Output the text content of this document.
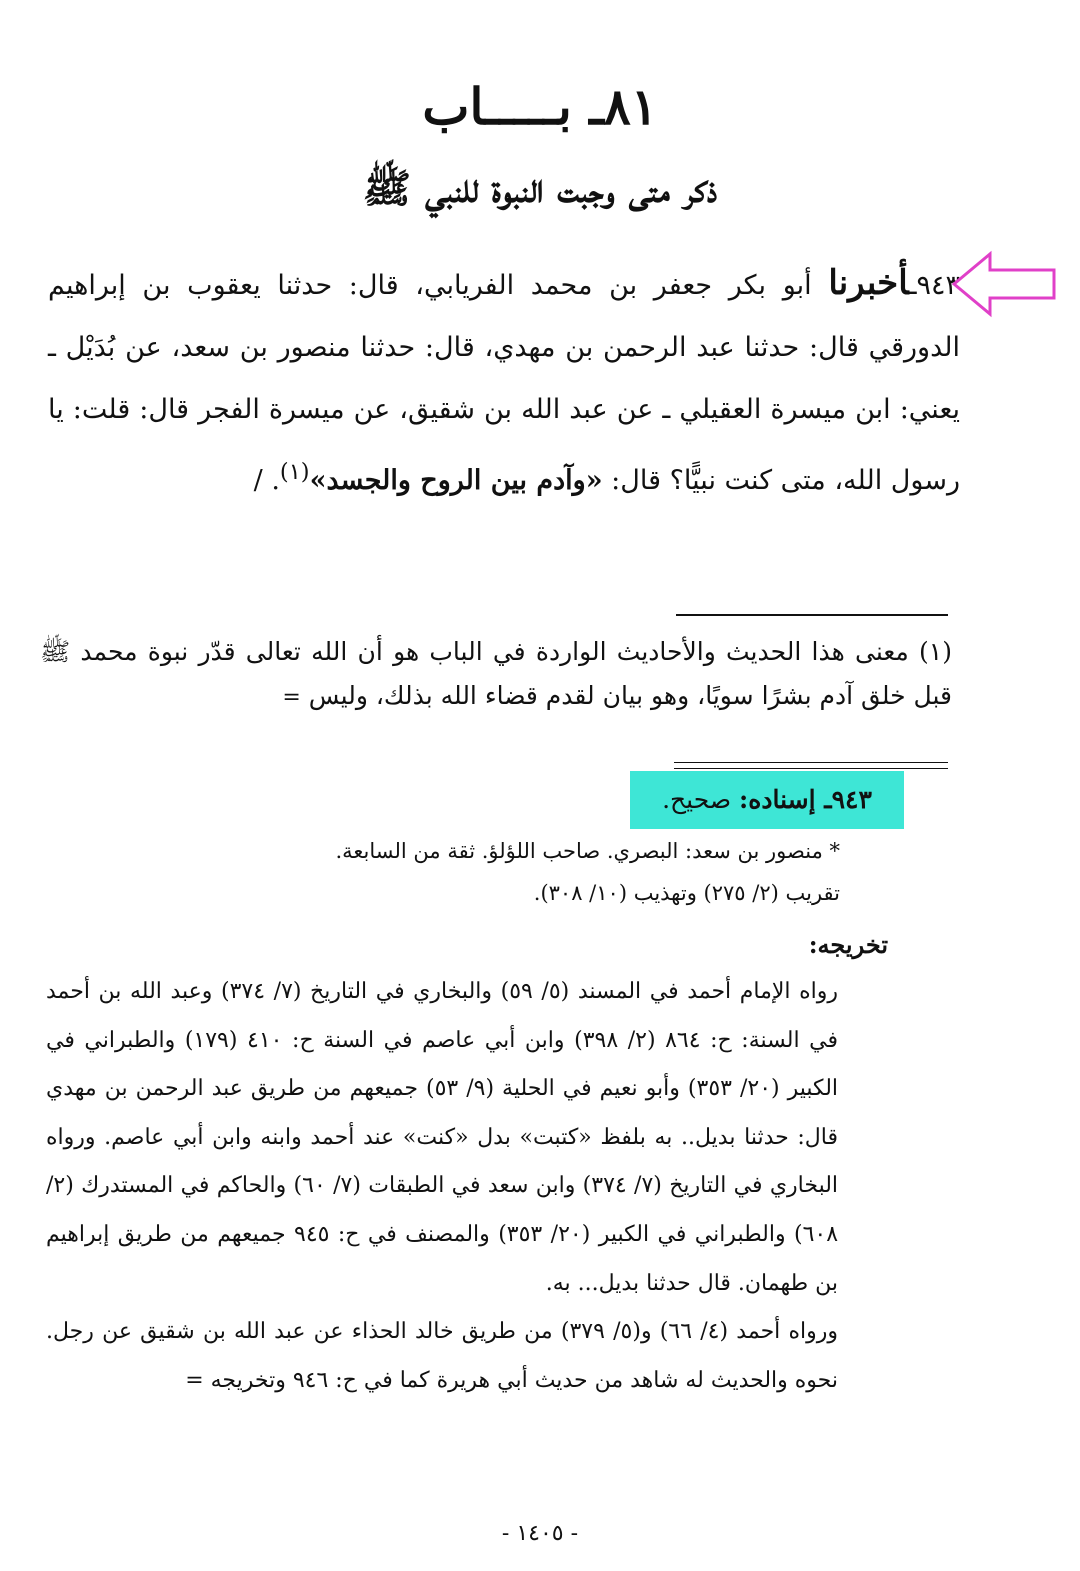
٨١ـ بـــــاب
ذكر متى وجبت النبوة للنبي ﷺ
٩٤٣ـأخبرنا أبو بكر جعفر بن محمد الفريابي، قال: حدثنا يعقوب بن إبراهيم الدورقي قال: حدثنا عبد الرحمن بن مهدي، قال: حدثنا منصور بن سعد، عن بُدَيْل ـ يعني: ابن ميسرة العقيلي ـ عن عبد الله بن شقيق، عن ميسرة الفجر قال: قلت: يا رسول الله، متى كنت نبيًّا؟ قال: «وآدم بين الروح والجسد»$^{(١)}$. /
(١) معنى هذا الحديث والأحاديث الواردة في الباب هو أن الله تعالى قدّر نبوة محمد ﷺ قبل خلق آدم بشرًا سويًا، وهو بيان لقدم قضاء الله بذلك، وليس =
٩٤٣ـ إسناده: صحيح.
* منصور بن سعد: البصري. صاحب اللؤلؤ. ثقة من السابعة.
تقريب (٢/ ٢٧٥) وتهذيب (١٠/ ٣٠٨).
تخريجه:

رواه الإمام أحمد في المسند (٥/ ٥٩) والبخاري في التاريخ (٧/ ٣٧٤) وعبد الله بن أحمد في السنة: ح: ٨٦٤ (٢/ ٣٩٨) وابن أبي عاصم في السنة ح: ٤١٠ (١٧٩) والطبراني في الكبير (٢٠/ ٣٥٣) وأبو نعيم في الحلية (٩/ ٥٣) جميعهم من طريق عبد الرحمن بن مهدي قال: حدثنا بديل.. به بلفظ «كتبت» بدل «كنت» عند أحمد وابنه وابن أبي عاصم. ورواه البخاري في التاريخ (٧/ ٣٧٤) وابن سعد في الطبقات (٧/ ٦٠) والحاكم في المستدرك (٢/ ٦٠٨) والطبراني في الكبير (٢٠/ ٣٥٣) والمصنف في ح: ٩٤٥ جميعهم من طريق إبراهيم بن طهمان. قال حدثنا بديل... به.

ورواه أحمد (٤/ ٦٦) و(٥/ ٣٧٩) من طريق خالد الحذاء عن عبد الله بن شقيق عن رجل. نحوه والحديث له شاهد من حديث أبي هريرة كما في ح: ٩٤٦ وتخريجه =

- ١٤٠٥ -
